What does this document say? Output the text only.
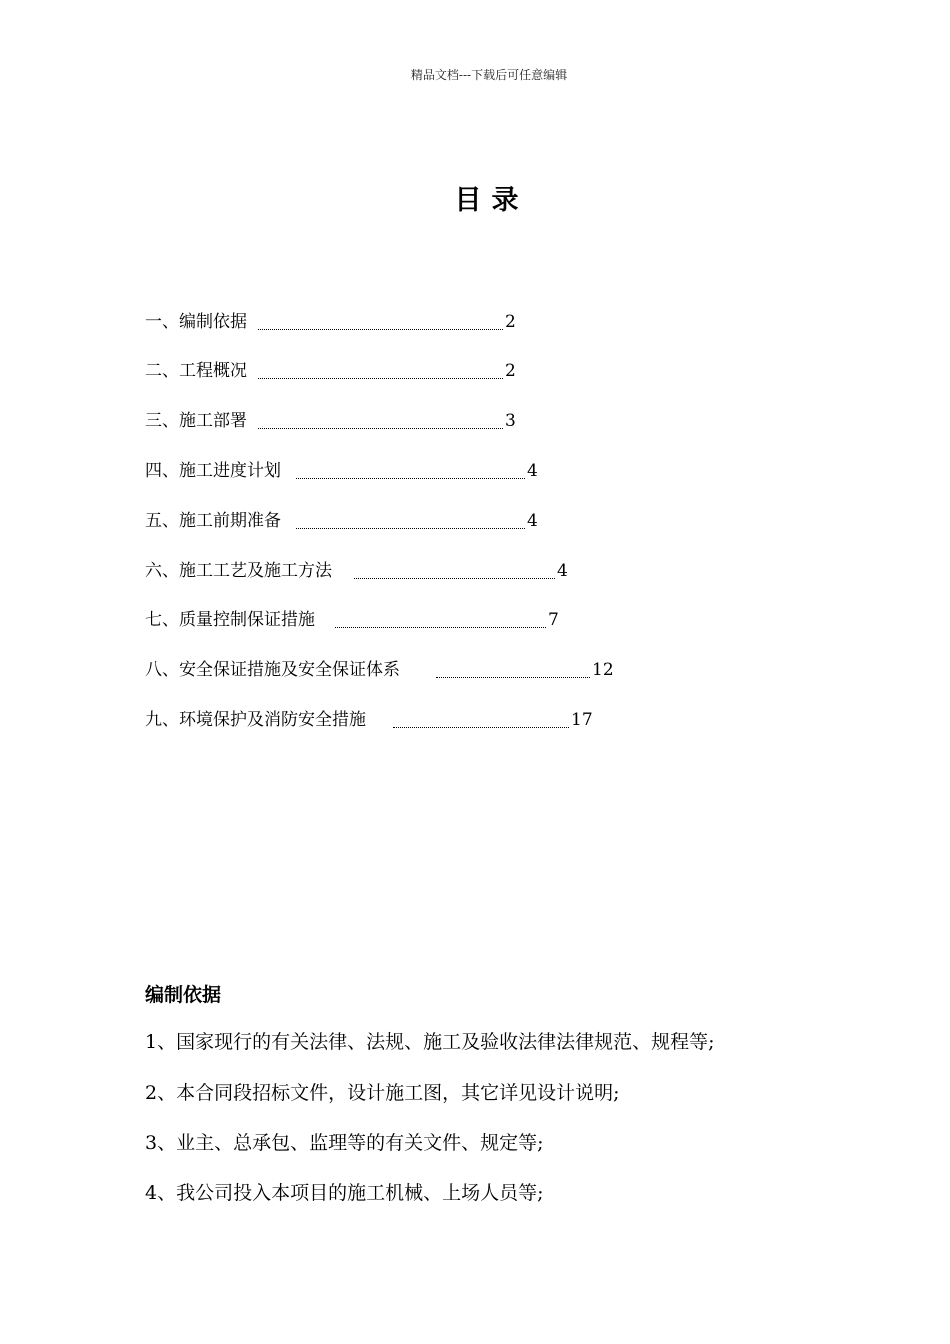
精品文档---下载后可任意编辑
目录
一、编制依据	2
二、工程概况	2
三、施工部署	3
四、施工进度计划	4
五、施工前期准备	4
六、施工工艺及施工方法	4
七、质量控制保证措施	7
八、安全保证措施及安全保证体系	12
九、环境保护及消防安全措施	17
编制依据
1、国家现行的有关法律、法规、施工及验收法律法律规范、规程等;
2、本合同段招标文件，设计施工图，其它详见设计说明;
3、业主、总承包、监理等的有关文件、规定等;
4、我公司投入本项目的施工机械、上场人员等;
